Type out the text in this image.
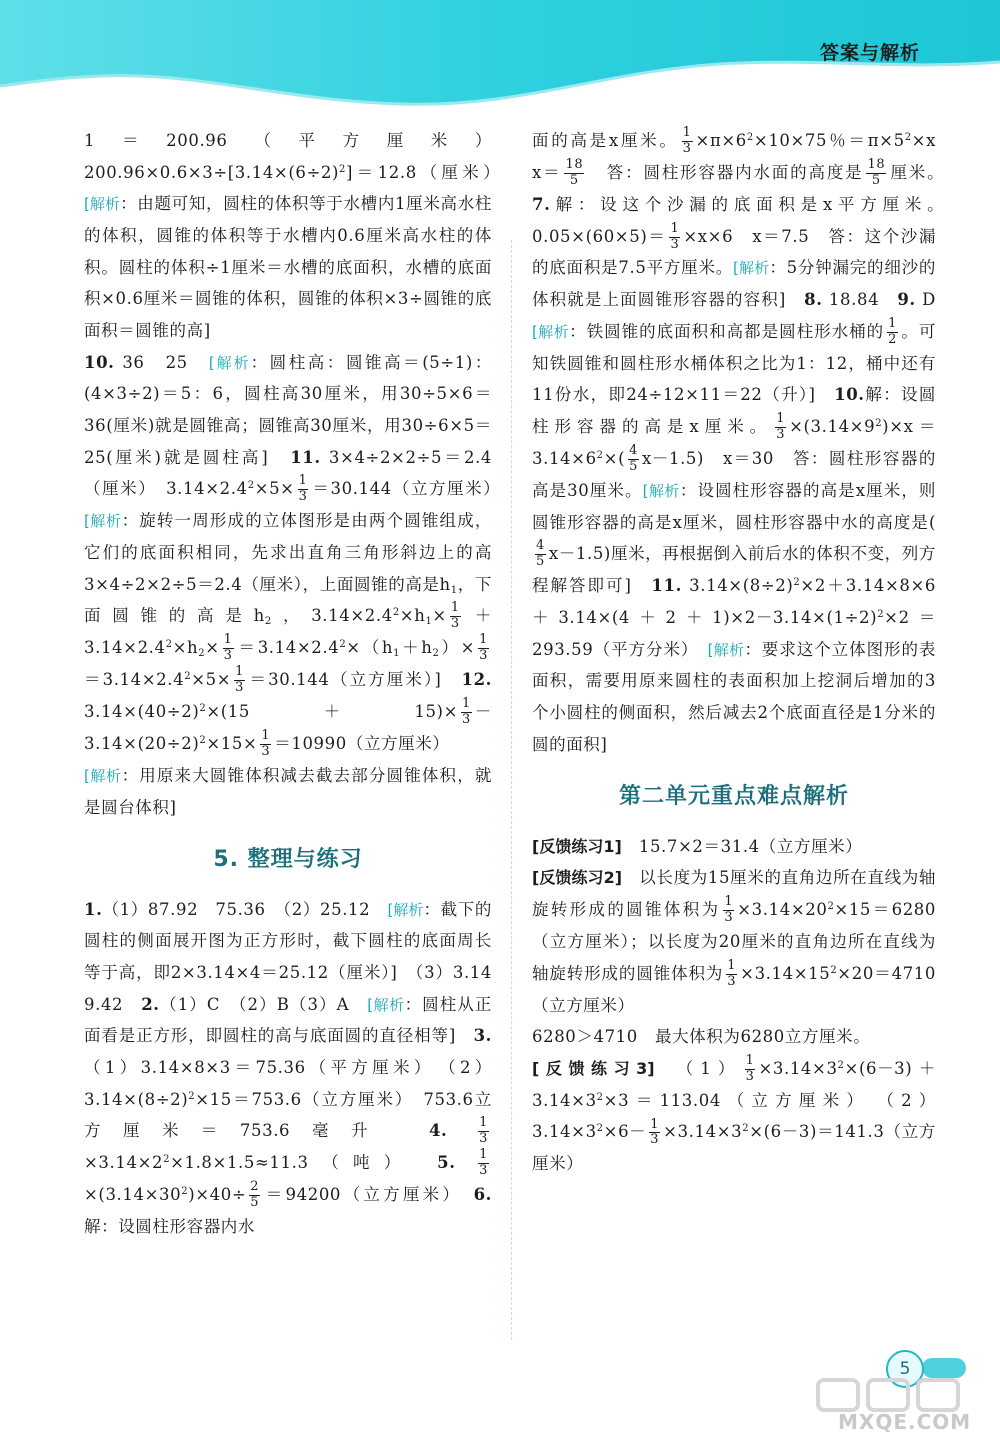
答案与解析

1＝200.96（平方厘米） $200.96\times 0.6\times 3\div[3.14\times(6\div 2)^2]=12.8$（厘米）　[解析：由题可知，圆柱的体积等于水槽内1厘米高水柱的体积，圆锥的体积等于水槽内0.6厘米高水柱的体积。圆柱的体积÷1厘米＝水槽的底面积，水槽的底面积×0.6厘米＝圆锥的体积，圆锥的体积×3÷圆锥的底面积＝圆锥的高]

10. 36　25　[解析：圆柱高：圆锥高＝(5÷1)：(4×3÷2)＝5：6，圆柱高30厘米，用30÷5×6＝36(厘米)就是圆锥高；圆锥高30厘米，用30÷6×5＝25(厘米)就是圆柱高]　11. 3×4÷2×2÷5＝2.4（厘米）　$3.14\times 2.4^2\times 5\times \frac{1}{3} =30.144$（立方厘米）　[解析：旋转一周形成的立体图形是由两个圆锥组成，它们的底面积相同，先求出直角三角形斜边上的高3×4÷2×2÷5＝2.4（厘米），上面圆锥的高是$h_1$，下面圆锥的高是$h_2$，$3.14\times 2.4^2\times h_1\times \frac{1}{3} +3.14\times 2.4^2\times h_2\times \frac{1}{3} =3.14\times 2.4^2\times(h_1+h_2)\times \frac{1}{3}$
$=3.14\times 2.4^2\times 5\times \frac{1}{3} =30.144$（立方厘米）]　12. $3.14\times(40\div 2)^2\times(15+15)\times \frac{1}{3} -3.14\times(20\div 2)^2\times 15\times \frac{1}{3} =10990$（立方厘米）

[解析：用原来大圆锥体积减去截去部分圆锥体积，就是圆台体积]

5. 整理与练习

1.（1）87.92　75.36　（2）25.12　[解析：截下的圆柱的侧面展开图为正方形时，截下圆柱的底面周长等于高，即2×3.14×4＝25.12（厘米）]　（3）3.14　9.42　2.（1）C　（2）B（3）A　[解析：圆柱从正面看是正方形，即圆柱的高与底面圆的直径相等]　3.（1）3.14×8×3＝75.36（平方厘米）　$(2)3.14\times(8\div 2)^2\times 15=753.6$（立方厘米）　753.6立方厘米＝753.6毫升　4. $\frac{1}{3}$
$\times 3.14\times 2^2\times 1.8\times 1.5\approx 11.3$（吨）　5. $\frac{1}{3}$
$\times(3.14\times 30^2)\times 40\div \frac{2}{5} =94200$（立方厘米）　6.解：设圆柱形容器内水

面的高是x厘米。 $\frac{1}{3} \times\pi\times 6^2\times 10\times 75$％$=\pi\times 5^2\times x$　$x= \frac{18}{5}$ 　答：圆柱形容器内水面的高度是 $\frac{18}{5}$ 厘米。　7.解：设这个沙漏的底面积是x平方厘米。　$0.05\times(60\times 5)= \frac{1}{3} \times x\times 6$　x＝7.5　答：这个沙漏的底面积是7.5平方厘米。[解析：5分钟漏完的细沙的体积就是上面圆锥形容器的容积]　8. 18.84　9. D　[解析：铁圆锥的底面积和高都是圆柱形水桶的 $\frac{1}{2}$ 。可知铁圆锥和圆柱形水桶体积之比为1：12，桶中还有11份水，即24÷12×11＝22（升）]　10.解：设圆柱形容器的高是x厘米。 $\frac{1}{3} \times(3.14\times 9^2)\times x=3.14\times 6^2\times( \frac{4}{5} x-1.5)$　x＝30　答：圆柱形容器的高是30厘米。[解析：设圆柱形容器的高是x厘米，则圆锥形容器的高是x厘米，圆柱形容器中水的高度是(
$\frac{4}{5} x-1.5$)厘米，再根据倒入前后水的体积不变，列方程解答即可]　11. $3.14\times(8\div 2)^2\times 2+3.14\times 8\times 6+3.14\times(4+2+1)\times 2-3.14\times(1\div 2)^2\times 2=293.59$（平方分米）　 [解析：要求这个立体图形的表面积，需要用原来圆柱的表面积加上挖洞后增加的3个小圆柱的侧面积，然后减去2个底面直径是1分米的圆的面积]

第二单元重点难点解析

[反馈练习1]　15.7×2＝31.4（立方厘米）

[反馈练习2]　以长度为15厘米的直角边所在直线为轴旋转形成的圆锥体积为 $\frac{1}{3} \times 3.14\times 20^2\times 15=6280$（立方厘米）；以长度为20厘米的直角边所在直线为轴旋转形成的圆锥体积为 $\frac{1}{3} \times 3.14\times 15^2\times 20=4710$（立方厘米）

6280＞4710　最大体积为6280立方厘米。

[反馈练习3]　$(1) \frac{1}{3} \times 3.14\times 3^2\times(6-3)+3.14\times 3^2\times 3=113.04$（立方厘米）　$(2)3.14\times 3^2\times 6- \frac{1}{3} \times 3.14\times 3^2\times(6-3)=141.3$（立方厘米）

5
MXQE.COM
